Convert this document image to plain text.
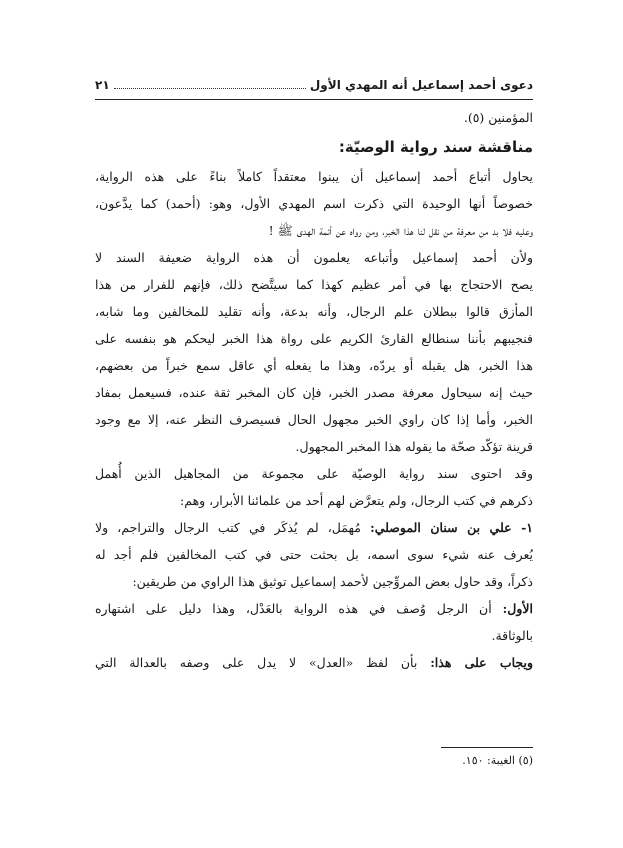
دعوى أحمد إسماعيل أنه المهدي الأول
٢١
المؤمنين (٥).
مناقشة سند رواية الوصيّة:
يحاول أتباع أحمد إسماعيل أن يبنوا معتقداً كاملاً بناءً على هذه الرواية،
خصوصاً أنها الوحيدة التي ذكرت اسم المهدي الأول، وهو: (أحمد) كما يدَّعون،
وعليه فلا بد من معرفة من نقل لنا هذا الخبر، ومن رواه عن أئمة الهدى ﷺ !
ولأن أحمد إسماعيل وأتباعه يعلمون أن هذه الرواية ضعيفة السند لا
يصح الاحتجاج بها في أمر عظيم كهذا كما سيتَّضح ذلك، فإنهم للفرار من هذا
المأزق قالوا ببطلان علم الرجال، وأنه بدعة، وأنه تقليد للمخالفين وما شابه،
فنجيبهم بأننا سنطالع القارئ الكريم على رواة هذا الخبر ليحكم هو بنفسه على
هذا الخبر، هل يقبله أو يردّه، وهذا ما يفعله أي عاقل سمع خبراً من بعضهم،
حيث إنه سيحاول معرفة مصدر الخبر، فإن كان المخبر ثقة عنده، فسيعمل بمفاد
الخبر، وأما إذا كان راوي الخبر مجهول الحال فسيصرف النظر عنه، إلا مع وجود
قرينة تؤكّد صحّة ما يقوله هذا المخبر المجهول.
وقد احتوى سند رواية الوصيّة على مجموعة من المجاهيل الذين أُهمل
ذكرهم في كتب الرجال، ولم يتعرَّض لهم أحد من علمائنا الأبرار، وهم:
١- علي بن سنان الموصلي: مُهمَل، لم يُذكَر في كتب الرجال والتراجم، ولا
يُعرف عنه شيء سوى اسمه، بل بحثت حتى في كتب المخالفين فلم أجد له
ذكراً، وقد حاول بعض المروِّجين لأحمد إسماعيل توثيق هذا الراوي من طريقين:
الأول: أن الرجل وُصف في هذه الرواية بالعَدْل، وهذا دليل على اشتهاره
بالوثاقة.
ويجاب على هذا: بأن لفظ «العدل» لا يدل على وصفه بالعدالة التي
(٥) الغيبة: ١٥٠.
